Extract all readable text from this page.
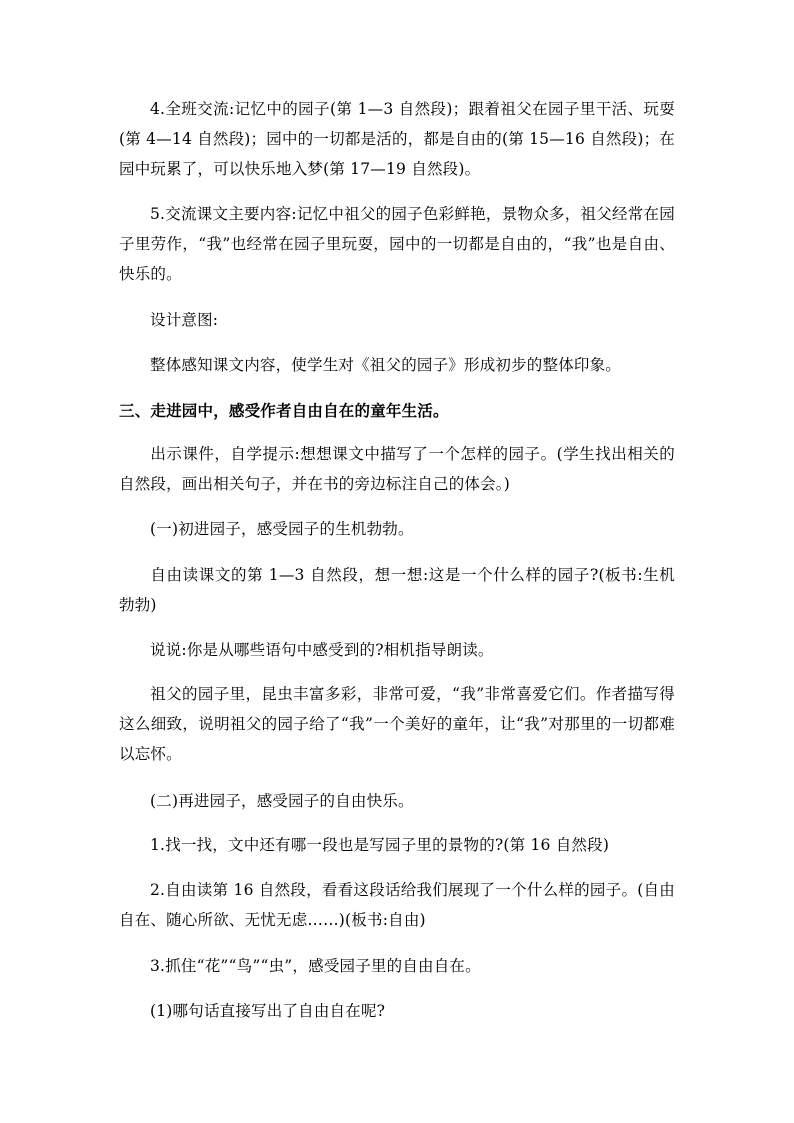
4.全班交流:记忆中的园子(第 1—3 自然段)；跟着祖父在园子里干活、玩耍(第 4—14 自然段)；园中的一切都是活的，都是自由的(第 15—16 自然段)；在园中玩累了，可以快乐地入梦(第 17—19 自然段)。

5.交流课文主要内容:记忆中祖父的园子色彩鲜艳，景物众多，祖父经常在园子里劳作，“我”也经常在园子里玩耍，园中的一切都是自由的，“我”也是自由、快乐的。

设计意图:

整体感知课文内容，使学生对《祖父的园子》形成初步的整体印象。

三、走进园中，感受作者自由自在的童年生活。

出示课件，自学提示:想想课文中描写了一个怎样的园子。(学生找出相关的自然段，画出相关句子，并在书的旁边标注自己的体会。)

(一)初进园子，感受园子的生机勃勃。

自由读课文的第 1—3 自然段，想一想:这是一个什么样的园子?(板书:生机勃勃)

说说:你是从哪些语句中感受到的?相机指导朗读。

祖父的园子里，昆虫丰富多彩，非常可爱，“我”非常喜爱它们。作者描写得这么细致，说明祖父的园子给了“我”一个美好的童年，让“我”对那里的一切都难以忘怀。

(二)再进园子，感受园子的自由快乐。

1.找一找，文中还有哪一段也是写园子里的景物的?(第 16 自然段)

2.自由读第 16 自然段，看看这段话给我们展现了一个什么样的园子。(自由自在、随心所欲、无忧无虑……)(板书:自由)

3.抓住“花”“鸟”“虫”，感受园子里的自由自在。

(1)哪句话直接写出了自由自在呢?
